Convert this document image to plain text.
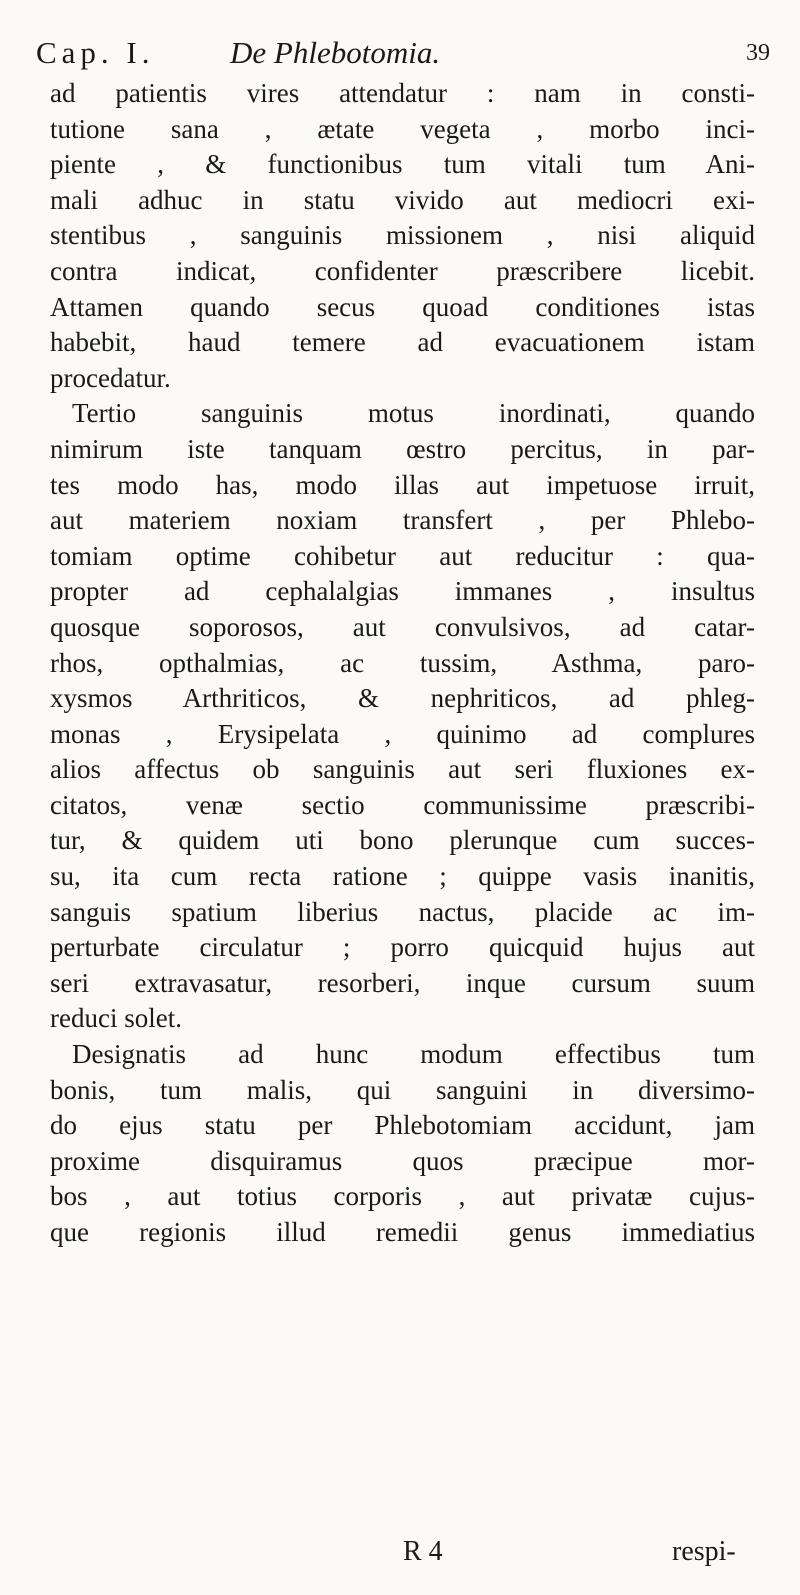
Cap. I. De Phlebotomia.	39
ad patientis vires attendatur : nam in consti-
tutione sana , ætate vegeta , morbo inci-
piente , & functionibus tum vitali tum Ani-
mali adhuc in statu vivido aut mediocri exi-
stentibus , sanguinis missionem , nisi aliquid
contra indicat, confidenter præscribere licebit.
Attamen quando secus quoad conditiones istas
habebit, haud temere ad evacuationem istam
procedatur.
Tertio sanguinis motus inordinati, quando
nimirum iste tanquam œstro percitus, in par-
tes modo has, modo illas aut impetuose irruit,
aut materiem noxiam transfert , per Phlebo-
tomiam optime cohibetur aut reducitur : qua-
propter ad cephalalgias immanes , insultus
quosque soporosos, aut convulsivos, ad catar-
rhos, opthalmias, ac tussim, Asthma, paro-
xysmos Arthriticos, & nephriticos, ad phleg-
monas , Erysipelata , quinimo ad complures
alios affectus ob sanguinis aut seri fluxiones ex-
citatos, venæ sectio communissime præscribi-
tur, & quidem uti bono plerunque cum succes-
su, ita cum recta ratione ; quippe vasis inanitis,
sanguis spatium liberius nactus, placide ac im-
perturbate circulatur ; porro quicquid hujus aut
seri extravasatur, resorberi, inque cursum suum
reduci solet.
Designatis ad hunc modum effectibus tum
bonis, tum malis, qui sanguini in diversimo-
do ejus statu per Phlebotomiam accidunt, jam
proxime disquiramus quos præcipue mor-
bos , aut totius corporis , aut privatæ cujus-
que regionis illud remedii genus immediatius
R 4	respi-
